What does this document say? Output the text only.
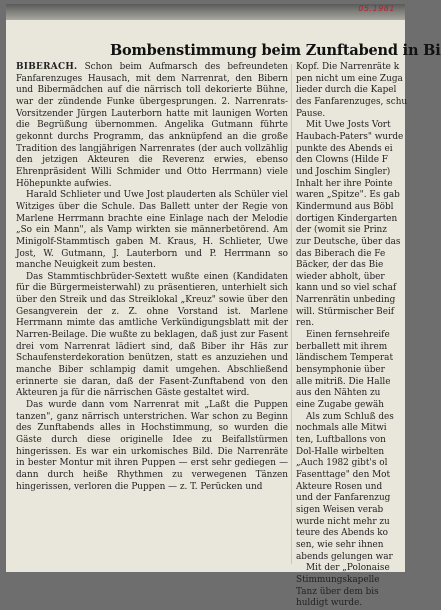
05.1981
Bombenstimmung beim Zunftabend in Bi

BIBERACH. Schon beim Aufmarsch des befreundeten Fanfarenzuges Hausach, mit dem Narrenrat, den Bibern und Bibermädchen auf die närrisch toll dekorierte Bühne, war der zündende Funke übergesprungen. 2. Narrenrats-Vorsitzender Jürgen Lauterborn hatte mit launigen Worten die Begrüßung übernommen. Angelika Gutmann führte gekonnt durchs Programm, das anknüpfend an die große Tradition des langjährigen Narrenrates (der auch vollzählig den jetzigen Akteuren die Reverenz erwies, ebenso Ehrenpräsident Willi Schmider und Otto Herrmann) viele Höhepunkte aufwies.

Harald Schlieter und Uwe Jost plauderten als Schüler viel Witziges über die Schule. Das Ballett unter der Regie von Marlene Herrmann brachte eine Einlage nach der Melodie „So ein Mann", als Vamp wirkten sie männerbetörend. Am Minigolf-Stammtisch gaben M. Kraus, H. Schlieter, Uwe Jost, W. Gutmann, J. Lauterborn und P. Herrmann so manche Neuigkeit zum besten.

Das Stammtischbrüder-Sextett wußte einen (Kandidaten für die Bürgermeisterwahl) zu präsentieren, unterhielt sich über den Streik und das Streiklokal „Kreuz" sowie über den Gesangverein der z. Z. ohne Vorstand ist. Marlene Herrmann mimte das amtliche Verkündigungsblatt mit der Narren-Beilage. Die wußte zu beklagen, daß just zur Fasent drei vom Narrenrat lädiert sind, daß Biber ihr Häs zur Schaufensterdekoration benützen, statt es anzuziehen und manche Biber schlampig damit umgehen. Abschließend erinnerte sie daran, daß der Fasent-Zunftabend von den Akteuren ja für die närrischen Gäste gestaltet wird.

Das wurde dann vom Narrenrat mit „Laßt die Puppen tanzen", ganz närrisch unterstrichen. War schon zu Beginn des Zunftabends alles in Hochstimmung, so wurden die Gäste durch diese originelle Idee zu Beifallstürmen hingerissen. Es war ein urkomisches Bild. Die Narrenräte in bester Montur mit ihren Puppen — erst sehr gediegen — dann durch heiße Rhythmen zu verwegenen Tänzen hingerissen, verloren die Puppen — z. T. Perücken und

Kopf. Die Narrenräte k
pen nicht um eine Zuga
lieder durch die Kapel
des Fanfarenzuges, schu
Pause.
Mit Uwe Josts Vort
Haubach-Paters" wurde
punkte des Abends ei
den Clowns (Hilde F
und Joschim Singler)
Inhalt her ihre Pointe
waren „Spitze". Es gab
Kindermund aus Böbl
dortigen Kindergarten
der (womit sie Prinz
zur Deutsche, über das
das Biberach die Fe
Bäcker, der das Bie
wieder abholt, über
kann und so viel schaf
Narrenrätin unbeding
will. Stürmischer Beif
ren.
Einen fernsehreife
berballett mit ihrem
ländischem Temperat
bensymphonie über
alle mitriß. Die Halle
aus den Nähten zu
eine Zugabe gewäh
Als zum Schluß des
nochmals alle Mitwi
ten, Luftballons von
Dol-Halle wirbelten
„Auch 1982 gibt's ol
Fasenttage" den Mot
Akteure Rosen und
und der Fanfarenzug
sigen Weisen verab
wurde nicht mehr zu
teure des Abends ko
sen, wie sehr ihnen
abends gelungen war
Mit der „Polonaise
Stimmungskapelle
Tanz über dem bis
huldigt wurde.
